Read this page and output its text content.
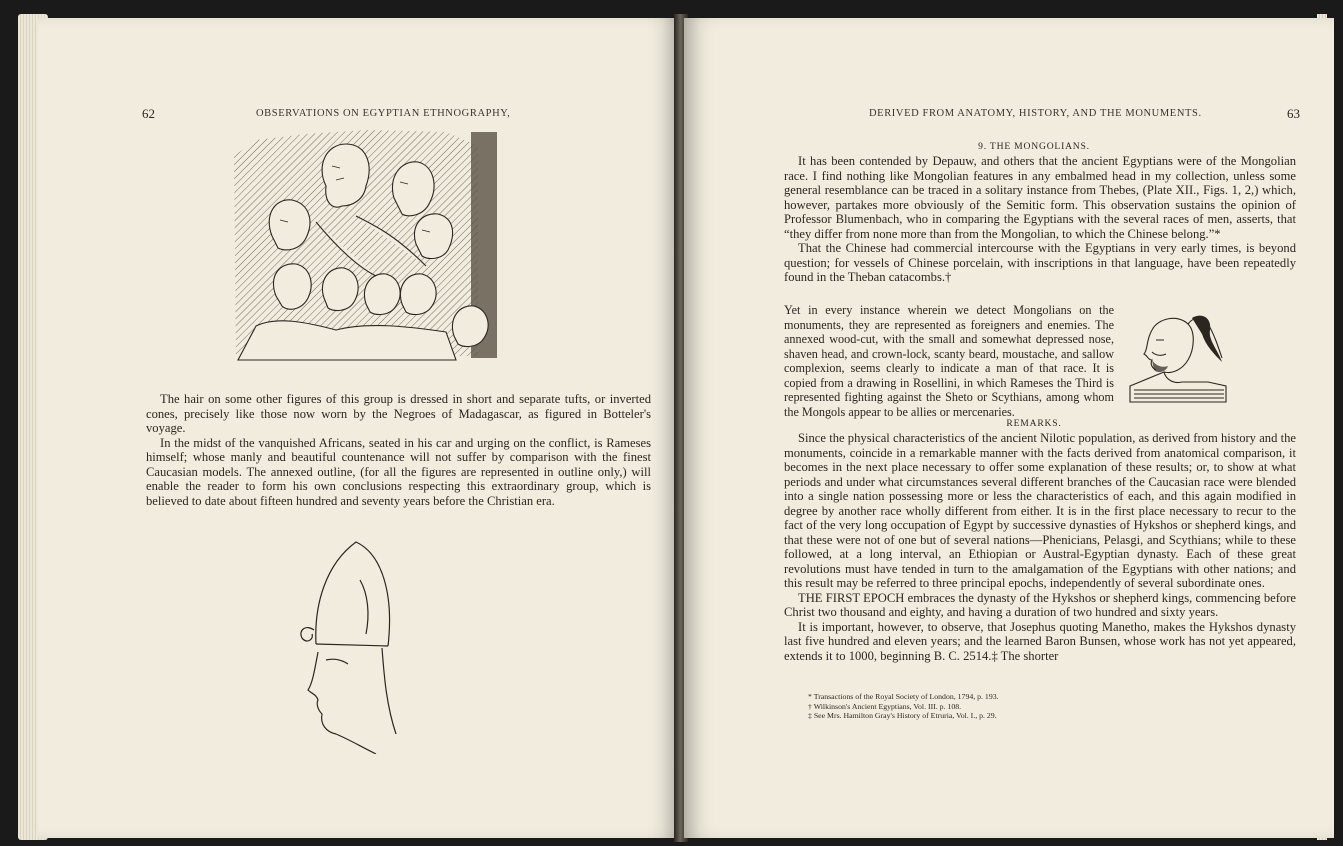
62	OBSERVATIONS ON EGYPTIAN ETHNOGRAPHY,

The hair on some other figures of this group is dressed in short and separate tufts, or inverted cones, precisely like those now worn by the Negroes of Madagascar, as figured in Botteler's voyage.

In the midst of the vanquished Africans, seated in his car and urging on the conflict, is Rameses himself; whose manly and beautiful countenance will not suffer by comparison with the finest Caucasian models. The annexed outline, (for all the figures are represented in outline only,) will enable the reader to form his own conclusions respecting this extraordinary group, which is believed to date about fifteen hundred and seventy years before the Christian era.

DERIVED FROM ANATOMY, HISTORY, AND THE MONUMENTS.	63
9. THE MONGOLIANS.

It has been contended by Depauw, and others that the ancient Egyptians were of the Mongolian race. I find nothing like Mongolian features in any embalmed head in my collection, unless some general resemblance can be traced in a solitary instance from Thebes, (Plate XII., Figs. 1, 2,) which, however, partakes more obviously of the Semitic form. This observation sustains the opinion of Professor Blumenbach, who in comparing the Egyptians with the several races of men, asserts, that “they differ from none more than from the Mongolian, to which the Chinese belong.”*

That the Chinese had commercial intercourse with the Egyptians in very early times, is beyond question; for vessels of Chinese porcelain, with inscriptions in that language, have been repeatedly found in the Theban catacombs.†

Yet in every instance wherein we detect Mongolians on the monuments, they are represented as foreigners and enemies. The annexed wood-cut, with the small and somewhat depressed nose, shaven head, and crown-lock, scanty beard, moustache, and sallow complexion, seems clearly to indicate a man of that race. It is copied from a drawing in Rosellini, in which Rameses the Third is represented fighting against the Sheto or Scythians, among whom the Mongols appear to be allies or mercenaries.

REMARKS.

Since the physical characteristics of the ancient Nilotic population, as derived from history and the monuments, coincide in a remarkable manner with the facts derived from anatomical comparison, it becomes in the next place necessary to offer some explanation of these results; or, to show at what periods and under what circumstances several different branches of the Caucasian race were blended into a single nation possessing more or less the characteristics of each, and this again modified in degree by another race wholly different from either. It is in the first place necessary to recur to the fact of the very long occupation of Egypt by successive dynasties of Hykshos or shepherd kings, and that these were not of one but of several nations—Phenicians, Pelasgi, and Scythians; while to these followed, at a long interval, an Ethiopian or Austral-Egyptian dynasty. Each of these great revolutions must have tended in turn to the amalgamation of the Egyptians with other nations; and this result may be referred to three principal epochs, independently of several subordinate ones.

THE FIRST EPOCH embraces the dynasty of the Hykshos or shepherd kings, commencing before Christ two thousand and eighty, and having a duration of two hundred and sixty years.

It is important, however, to observe, that Josephus quoting Manetho, makes the Hykshos dynasty last five hundred and eleven years; and the learned Baron Bunsen, whose work has not yet appeared, extends it to 1000, beginning B. C. 2514.‡ The shorter

* Transactions of the Royal Society of London, 1794, p. 193.
† Wilkinson's Ancient Egyptians, Vol. III. p. 108.
‡ See Mrs. Hamilton Gray's History of Etruria, Vol. I., p. 29.
